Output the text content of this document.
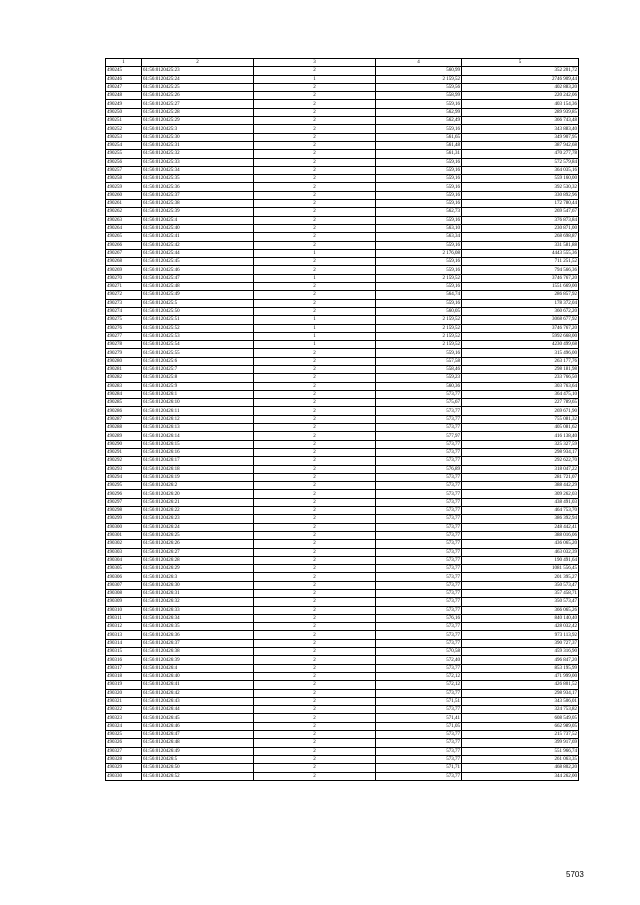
1	2	3	4	5
490245	61:56:0120425:23	2	560,99	352 201,72
490246	61:56:0120425:24	1	2 159,52	2746 909,44
490247	61:56:0120425:25	2	559,56	402 883,20
490248	61:56:0120425:26	2	558,99	220 242,06
490249	61:56:0120425:27	2	559,16	403 154,36
490250	61:56:0120425:28	2	562,99	289 939,85
490251	61:56:0120425:29	2	562,49	366 743,48
490252	61:56:0120425:3	2	559,16	343 883,40
490253	61:56:0120425:30	2	561,65	349 907,95
490254	61:56:0120425:31	2	561,48	387 942,68
490255	61:56:0120425:32	2	561,31	470 277,78
490256	61:56:0120425:33	2	559,16	572 579,84
490257	61:56:0120425:34	2	559,16	364 035,16
490258	61:56:0120425:35	2	559,16	559 160,00
490259	61:56:0120425:36	2	559,16	392 530,32
490260	61:56:0120425:37	2	559,16	330 892,96
490261	61:56:0120425:38	2	559,16	172 780,44
490262	61:56:0120425:39	2	562,73	269 547,67
490263	61:56:0120425:4	2	559,16	376 873,84
490264	61:56:0120425:40	2	563,10	230 871,00
490265	61:56:0120425:41	2	563,34	268 698,87
490266	61:56:0120425:42	2	559,16	331 581,88
490267	61:56:0120425:44	1	2 176,08	4443 555,36
490268	61:56:0120425:45	2	559,16	711 251,52
490269	61:56:0120425:46	2	559,16	794 566,36
490270	61:56:0120425:47	1	2 159,52	3746 767,20
490271	61:56:0120425:48	2	559,16	1551 669,00
490272	61:56:0120425:49	2	564,74	286 857,92
490273	61:56:0120425:5	2	559,16	178 372,04
490274	61:56:0120425:50	2	560,05	360 672,20
490275	61:56:0120425:51	1	2 159,52	3068 677,92
490276	61:56:0120425:52	1	2 159,52	3746 767,20
490277	61:56:0120425:53	1	2 159,52	5992 668,00
490278	61:56:0120425:54	1	2 159,52	4230 499,68
490279	61:56:0120425:55	2	559,16	315 496,00
490280	61:56:0120425:6	2	557,58	263 177,76
490281	61:56:0120425:7	2	558,46	298 181,98
490282	61:56:0120425:8	2	559,23	233 766,50
490283	61:56:0120425:9	2	560,36	303 763,64
490284	61:56:0120426:1	2	573,77	364 475,10
490285	61:56:0120426:10	2	575,67	227 789,65
490286	61:56:0120426:11	2	573,77	269 671,90
490287	61:56:0120426:12	2	573,77	755 081,32
490288	61:56:0120426:13	2	573,77	405 081,62
490289	61:56:0120426:14	2	577,97	416 138,40
490290	61:56:0120426:15	2	573,77	325 327,59
490291	61:56:0120426:16	2	573,77	298 934,17
490292	61:56:0120426:17	2	573,77	292 622,70
490293	61:56:0120426:18	2	576,89	318 047,22
490294	61:56:0120426:19	2	573,77	281 721,07
490295	61:56:0120426:2	2	573,77	388 442,29
490296	61:56:0120426:20	2	573,77	309 262,03
490297	61:56:0120426:21	2	573,77	438 491,03
490298	61:56:0120426:22	2	573,77	464 753,70
490299	61:56:0120426:23	2	573,77	386 392,94
490300	61:56:0120426:24	2	573,77	248 442,41
490301	61:56:0120426:25	2	573,77	388 016,06
490302	61:56:0120426:26	2	573,77	436 065,20
490303	61:56:0120426:27	2	573,77	463 032,39
490304	61:56:0120426:28	2	573,77	190 491,64
490305	61:56:0120426:29	2	573,77	1081 556,45
490306	61:56:0120426:3	2	573,77	201 395,27
490307	61:56:0120426:30	2	573,77	350 573,47
490308	61:56:0120426:31	2	573,77	357 458,71
490309	61:56:0120426:32	2	573,77	350 573,47
490310	61:56:0120426:33	2	573,77	366 065,26
490311	61:56:0120426:34	2	576,16	840 140,40
490312	61:56:0120426:35	2	573,77	428 032,42
490313	61:56:0120426:36	2	573,77	973 113,92
490314	61:56:0120426:37	2	573,77	390 727,37
490315	61:56:0120426:38	2	570,58	459 316,90
490316	61:56:0120426:39	2	572,40	496 847,20
490317	61:56:0120426:4	2	573,77	853 195,99
490318	61:56:0120426:40	2	572,12	471 999,00
490319	61:56:0120426:41	2	572,12	426 801,52
490320	61:56:0120426:42	2	573,77	298 934,17
490321	61:56:0120426:43	2	571,51	343 506,01
490322	61:56:0120426:44	2	573,77	324 753,82
490323	61:56:0120426:45	2	571,41	608 549,05
490324	61:56:0120426:46	2	571,05	662 989,05
490325	61:56:0120426:47	2	573,77	215 737,52
490326	61:56:0120426:48	2	573,77	399 917,69
490327	61:56:0120426:49	2	573,77	551 966,74
490328	61:56:0120426:5	2	573,77	261 063,35
490329	61:56:0120426:50	2	571,71	468 802,20
490330	61:56:0120426:52	2	573,77	344 262,00
5703
